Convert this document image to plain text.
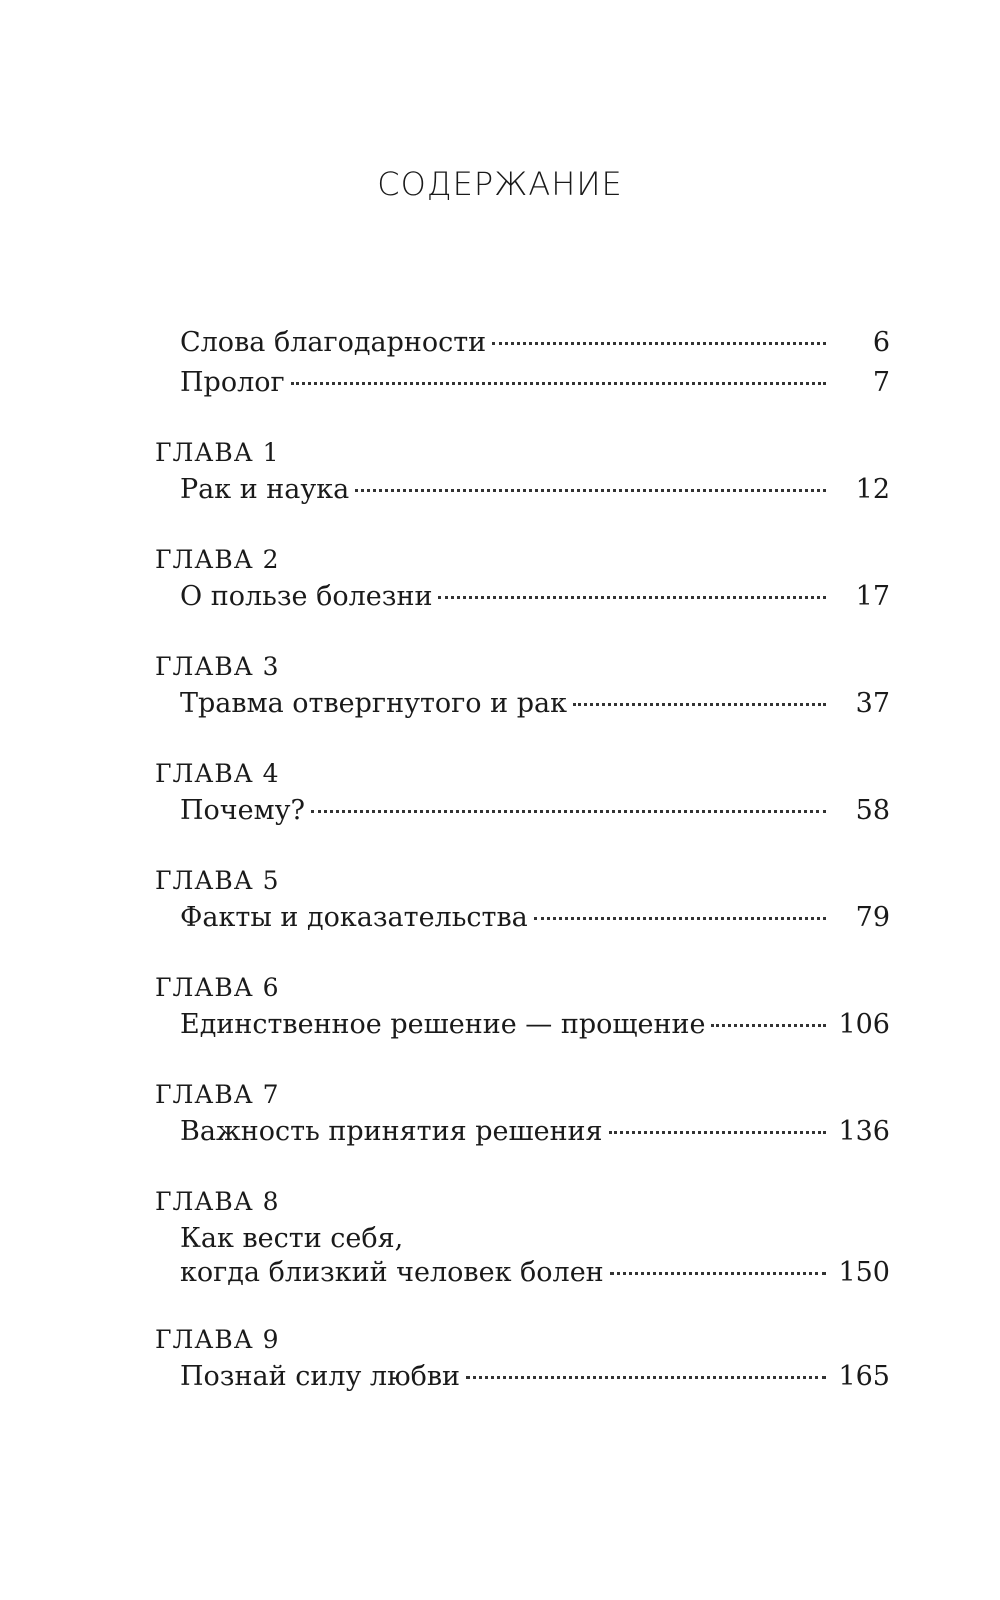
СОДЕРЖАНИЕ
Слова благодарности	6
Пролог	7
ГЛАВА 1
Рак и наука	12
ГЛАВА 2
О пользе болезни	17
ГЛАВА 3
Травма отвергнутого и рак	37
ГЛАВА 4
Почему?	58
ГЛАВА 5
Факты и доказательства	79
ГЛАВА 6
Единственное решение — прощение	106
ГЛАВА 7
Важность принятия решения	136
ГЛАВА 8
Как вести себя,
когда близкий человек болен	150
ГЛАВА 9
Познай силу любви	165
